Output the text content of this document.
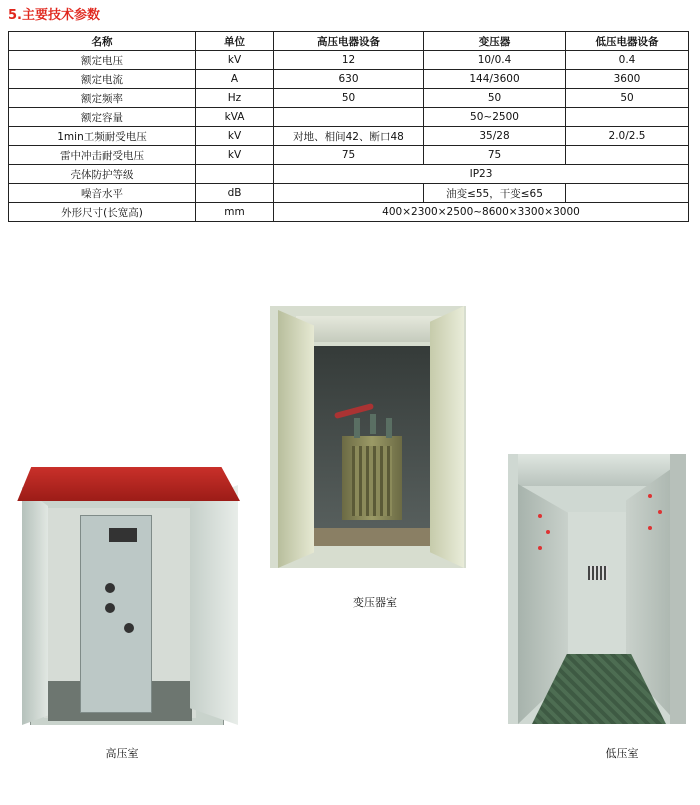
5.主要技术参数
名称	单位	高压电器设备	变压器	低压电器设备
额定电压	kV	12	10/0.4	0.4
额定电流	A	630	144/3600	3600
额定频率	Hz	50	50	50
额定容量	kVA		50~2500	
1min工频耐受电压	kV	对地、相间42、断口48	35/28	2.0/2.5
雷中冲击耐受电压	kV	75	75	
壳体防护等级		IP23		
噪音水平	dB		油变≤55，干变≤65	
外形尺寸(长宽高)	mm	400×2300×2500~8600×3300×3000		
变压器室
高压室	低压室
